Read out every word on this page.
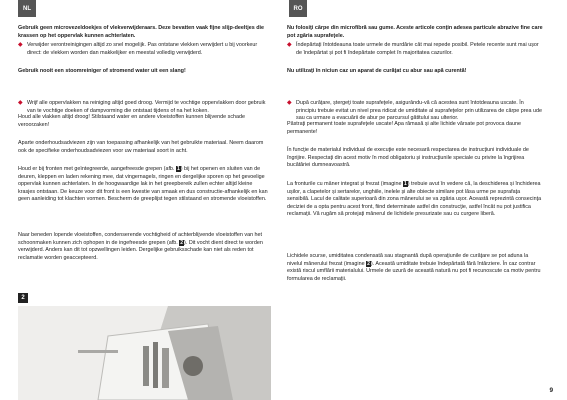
NL	RO

Gebruik geen microvezeldoekjes of vlekverwijderaars. Deze bevatten vaak fijne slijp-deeltjes die krassen op het oppervlak kunnen achterlaten.

◆ Verwijder verontreinigingen altijd zo snel mogelijk. Pas ontstane vlekken verwijdert u bij voorkeur direct: de vlekken worden dan makkelijker en meestal volledig verwijderd.

Gebruik nooit een stoomreiniger of stromend water uit een slang!

◆ Wrijf alle oppervlakken na reiniging altijd goed droog. Vermijd te vochtige oppervlakken door gebruik van te vochtige doeken of dampvorming die ontstaat tijdens of na het koken.

Houd alle vlakken altijd droog! Stilstaand water en andere vloeistoffen kunnen blijvende schade veroorzaken!

Aparte onderhoudsadviezen zijn van toepassing afhankelijk van het gebruikte materiaal. Neem daarom ook de specifieke onderhoudsadviezen voor uw materiaal soort in acht.

Houd er bij fronten met geïntegreerde, aangefreesde grepen (afb. 1) bij het openen en sluiten van de deuren, kleppen en laden rekening mee, dat vingernagels, ringen en dergelijke sporen op het gevoelige oppervlak kunnen achterlaten. In de hoogwaardige lak in het greepbereik zullen echter altijd kleine krasjes ontstaan. De keuze voor dit front is een kwestie van smaak en dus constructie-afhankelijk en kan geen aanleiding tot klachten vormen. Bescherm de greeplijst tegen stilstaand en stromende vloeistoffen.

Naar beneden lopende vloeistoffen, condenserende vochtigheid of achterblijvende vloeistoffen van het schoonmaken kunnen zich ophopen in de ingefreesde grepen (afb. 2). Dit vocht dient direct te worden verwijderd. Anders kan dit tot opzwellingen leiden. Dergelijke gebruiksschade kan niet als reden tot reclamatie worden geaccepteerd.

Nu folosiţi cârpe din microfibră sau gume. Aceste articole conţin adesea particule abrazive fine care pot zgâria suprafeţele.

◆ Îndepărtaţi întotdeauna toate urmele de murdărie cât mai repede posibil. Petele recente sunt mai ușor de îndepărtat și pot fi îndepărtate complet în majoritatea cazurilor.

Nu utilizaţi în niciun caz un aparat de curăţat cu abur sau apă curentă!

◆ După curăţare, ștergeţi toate suprafeţele, asigurându-vă că acestea sunt întotdeauna uscate. În principiu trebuie evitat un nivel prea ridicat de umiditate al suprafeţelor prin utilizarea de cârpe prea ude sau ca urmare a evacuării de abur pe parcursul gătitului sau ulterior.

Păstraţi permanent toate suprafeţele uscate! Apa rămasă și alte lichide vărsate pot provoca daune permanente!

În funcţie de materialul individual de execuţie este necesară respectarea de instrucţiuni individuale de îngrijire. Respectaţi din acest motiv în mod obligatoriu și instrucţiunile speciale cu privire la îngrijirea bucătăriei dumneavoastră.

La fronturile cu mâner integrat și frezat (imagine 1) trebuie avut în vedere că, la deschiderea și închiderea ușilor, a clapetelor și sertarelor, unghiile, inelele și alte obiecte similare pot lăsa urme pe suprafaţa sensibilă. Lacul de calitate superioară din zona mânerului se va zgâria ușor. Această reprezintă consecinţa deciziei de a opta pentru acest front, fiind determinate astfel din construcţie, astfel încât nu pot justifica reclamaţii. Vă rugăm să protejaţi mânerul de lichidele presurizate sau cu curgere liberă.

Lichidele scurse, umiditatea condensată sau stagnantă după operaţiunile de curăţare se pot aduna la nivelul mânerului frezat (imagine 2). Această umiditate trebuie îndepărtată fără întârziere. În caz contrar există riscul umflării materialului. Urmele de uzură de această natură nu pot fi recunoscute ca motiv pentru formularea de reclamaţii.

2
9
